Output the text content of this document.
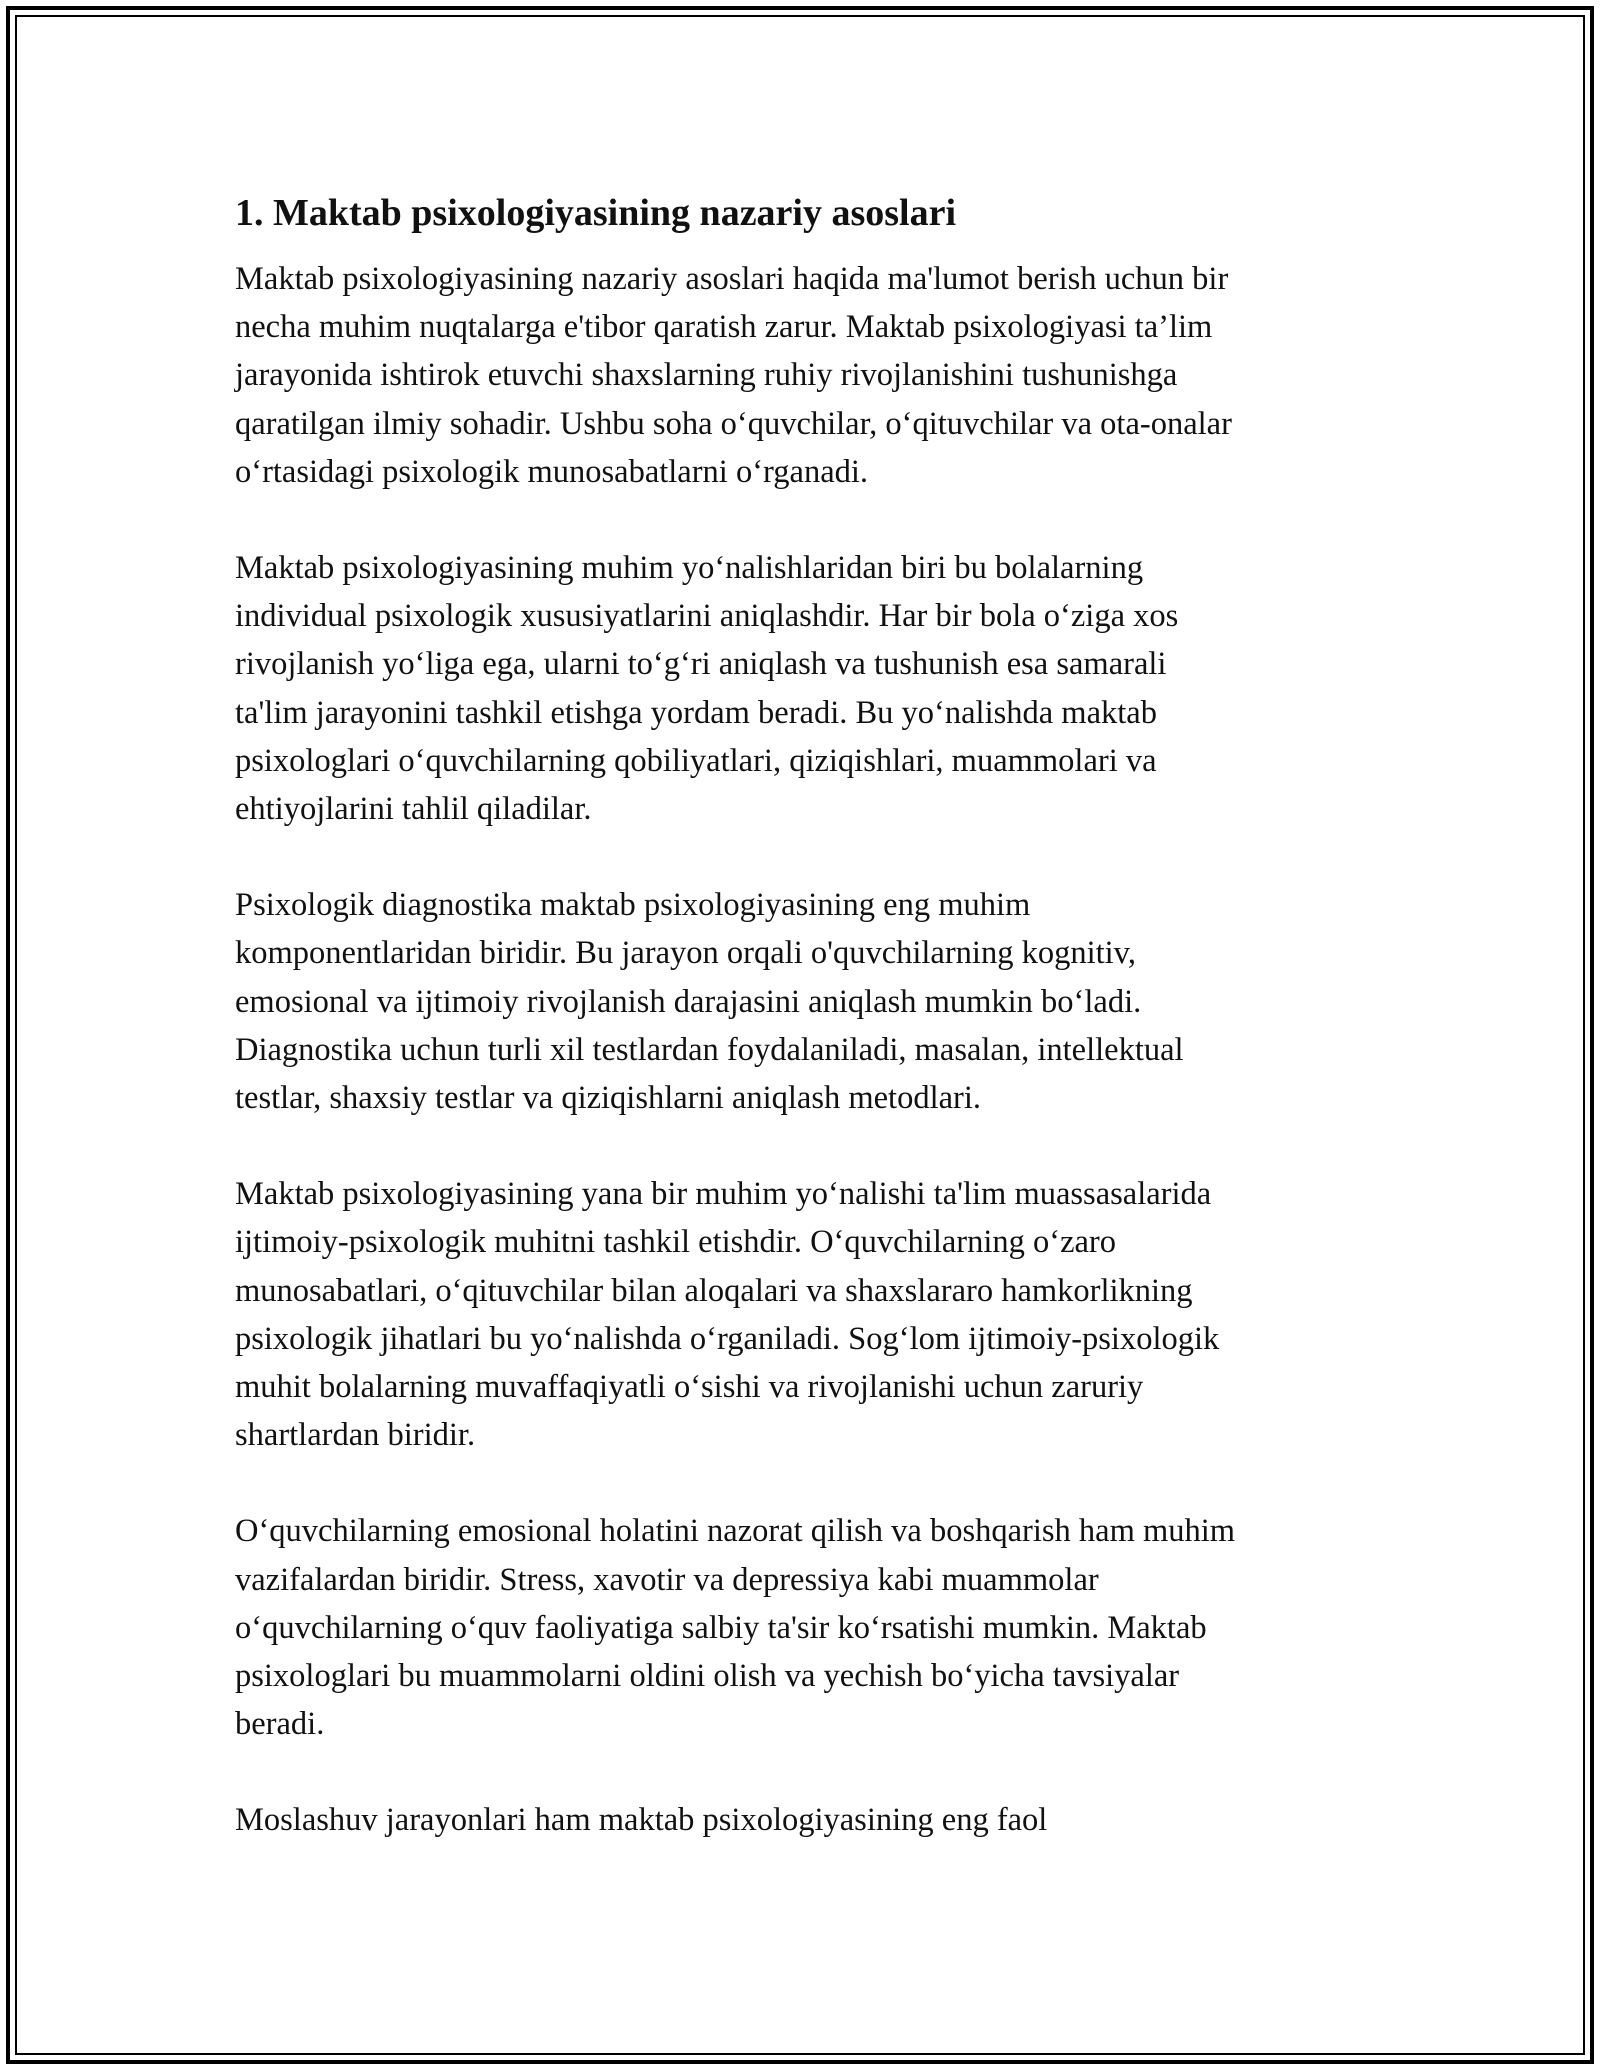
1. Maktab psixologiyasining nazariy asoslari

Maktab psixologiyasining nazariy asoslari haqida ma'lumot berish uchun bir
necha muhim nuqtalarga e'tibor qaratish zarur. Maktab psixologiyasi ta’lim
jarayonida ishtirok etuvchi shaxslarning ruhiy rivojlanishini tushunishga
qaratilgan ilmiy sohadir. Ushbu soha o‘quvchilar, o‘qituvchilar va ota-onalar
o‘rtasidagi psixologik munosabatlarni o‘rganadi.

Maktab psixologiyasining muhim yo‘nalishlaridan biri bu bolalarning
individual psixologik xususiyatlarini aniqlashdir. Har bir bola o‘ziga xos
rivojlanish yo‘liga ega, ularni to‘g‘ri aniqlash va tushunish esa samarali
ta'lim jarayonini tashkil etishga yordam beradi. Bu yo‘nalishda maktab
psixologlari o‘quvchilarning qobiliyatlari, qiziqishlari, muammolari va
ehtiyojlarini tahlil qiladilar.

Psixologik diagnostika maktab psixologiyasining eng muhim
komponentlaridan biridir. Bu jarayon orqali o'quvchilarning kognitiv,
emosional va ijtimoiy rivojlanish darajasini aniqlash mumkin bo‘ladi.
Diagnostika uchun turli xil testlardan foydalaniladi, masalan, intellektual
testlar, shaxsiy testlar va qiziqishlarni aniqlash metodlari.

Maktab psixologiyasining yana bir muhim yo‘nalishi ta'lim muassasalarida
ijtimoiy-psixologik muhitni tashkil etishdir. O‘quvchilarning o‘zaro
munosabatlari, o‘qituvchilar bilan aloqalari va shaxslararo hamkorlikning
psixologik jihatlari bu yo‘nalishda o‘rganiladi. Sog‘lom ijtimoiy-psixologik
muhit bolalarning muvaffaqiyatli o‘sishi va rivojlanishi uchun zaruriy
shartlardan biridir.

O‘quvchilarning emosional holatini nazorat qilish va boshqarish ham muhim
vazifalardan biridir. Stress, xavotir va depressiya kabi muammolar
o‘quvchilarning o‘quv faoliyatiga salbiy ta'sir ko‘rsatishi mumkin. Maktab
psixologlari bu muammolarni oldini olish va yechish bo‘yicha tavsiyalar
beradi.

Moslashuv jarayonlari ham maktab psixologiyasining eng faol
